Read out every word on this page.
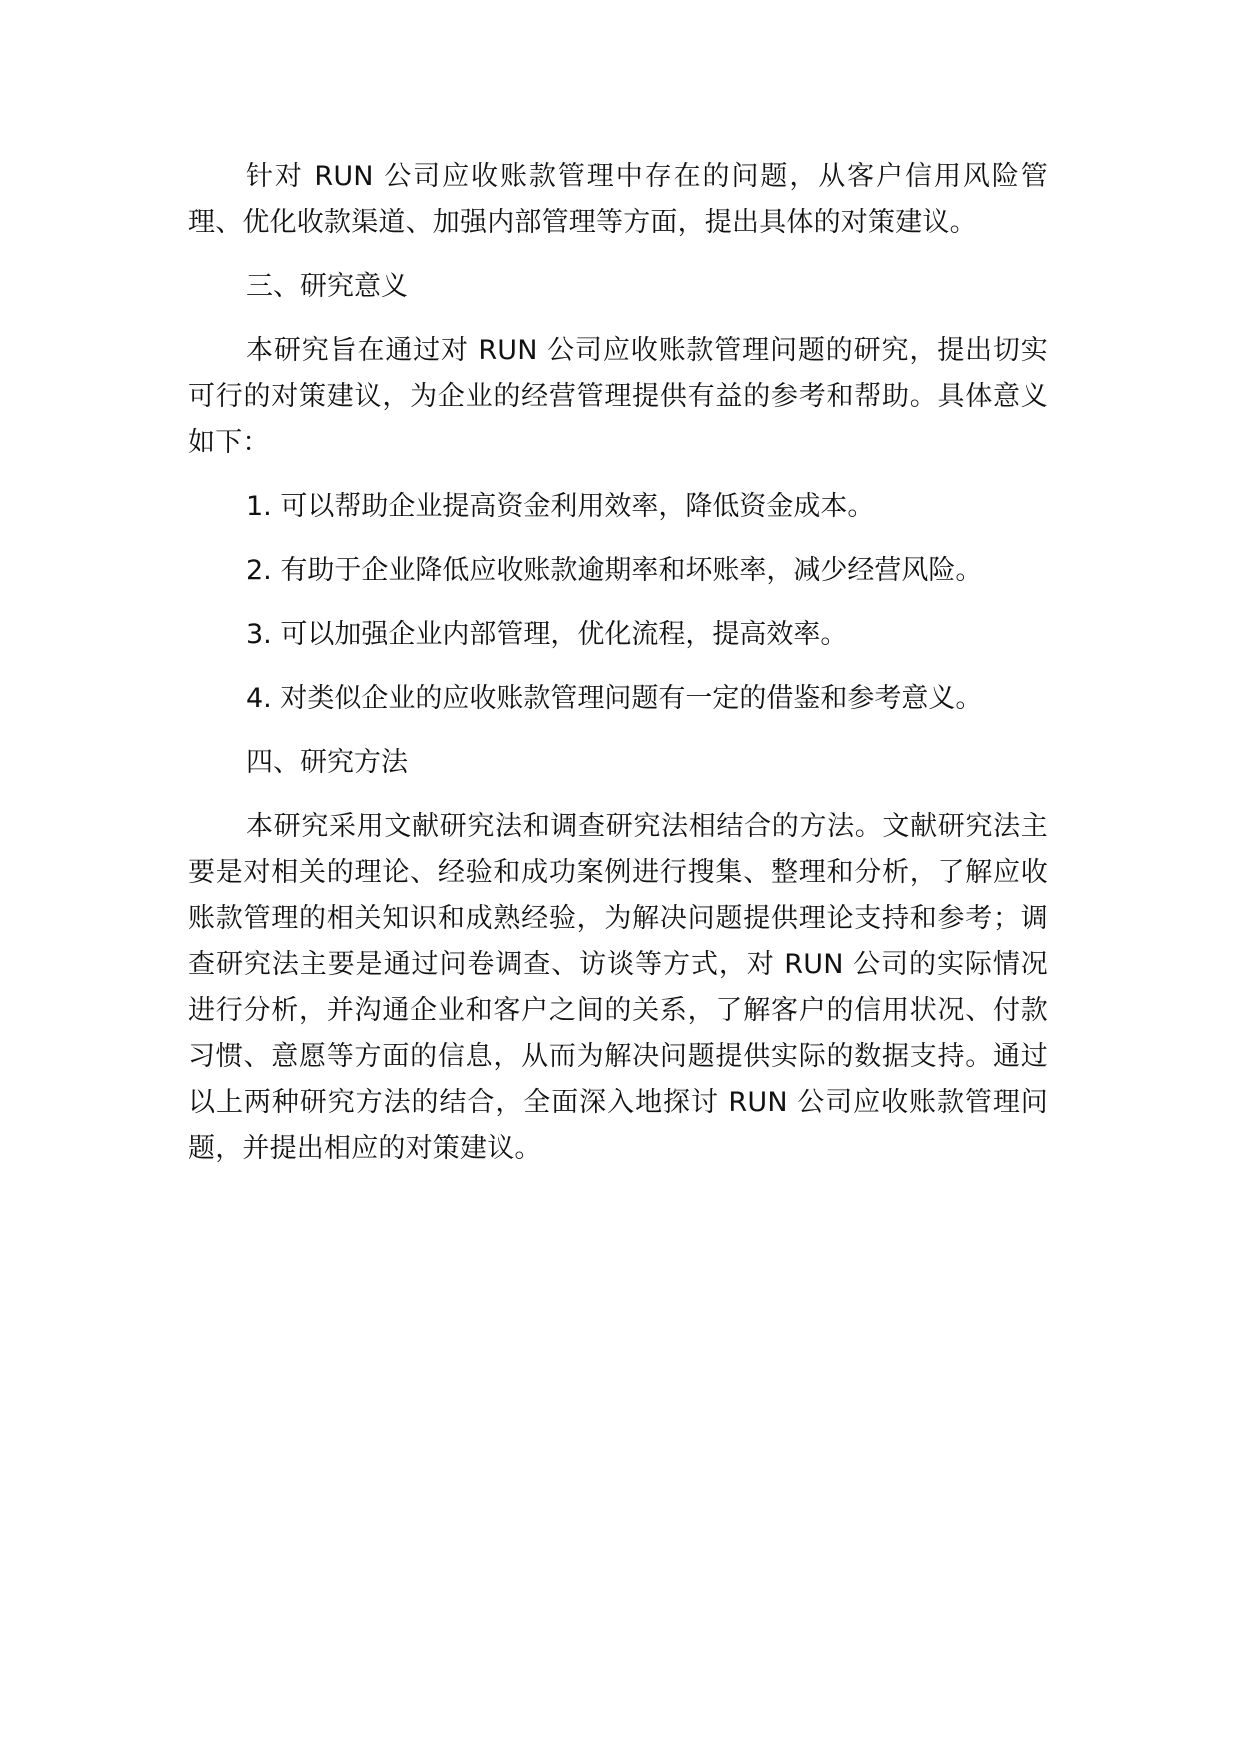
针对 RUN 公司应收账款管理中存在的问题，从客户信用风险管理、优化收款渠道、加强内部管理等方面，提出具体的对策建议。

三、研究意义

本研究旨在通过对 RUN 公司应收账款管理问题的研究，提出切实可行的对策建议，为企业的经营管理提供有益的参考和帮助。具体意义如下：

1. 可以帮助企业提高资金利用效率，降低资金成本。

2. 有助于企业降低应收账款逾期率和坏账率，减少经营风险。

3. 可以加强企业内部管理，优化流程，提高效率。

4. 对类似企业的应收账款管理问题有一定的借鉴和参考意义。

四、研究方法

本研究采用文献研究法和调查研究法相结合的方法。文献研究法主要是对相关的理论、经验和成功案例进行搜集、整理和分析，了解应收账款管理的相关知识和成熟经验，为解决问题提供理论支持和参考；调查研究法主要是通过问卷调查、访谈等方式，对 RUN 公司的实际情况进行分析，并沟通企业和客户之间的关系，了解客户的信用状况、付款习惯、意愿等方面的信息，从而为解决问题提供实际的数据支持。通过以上两种研究方法的结合，全面深入地探讨 RUN 公司应收账款管理问题，并提出相应的对策建议。
